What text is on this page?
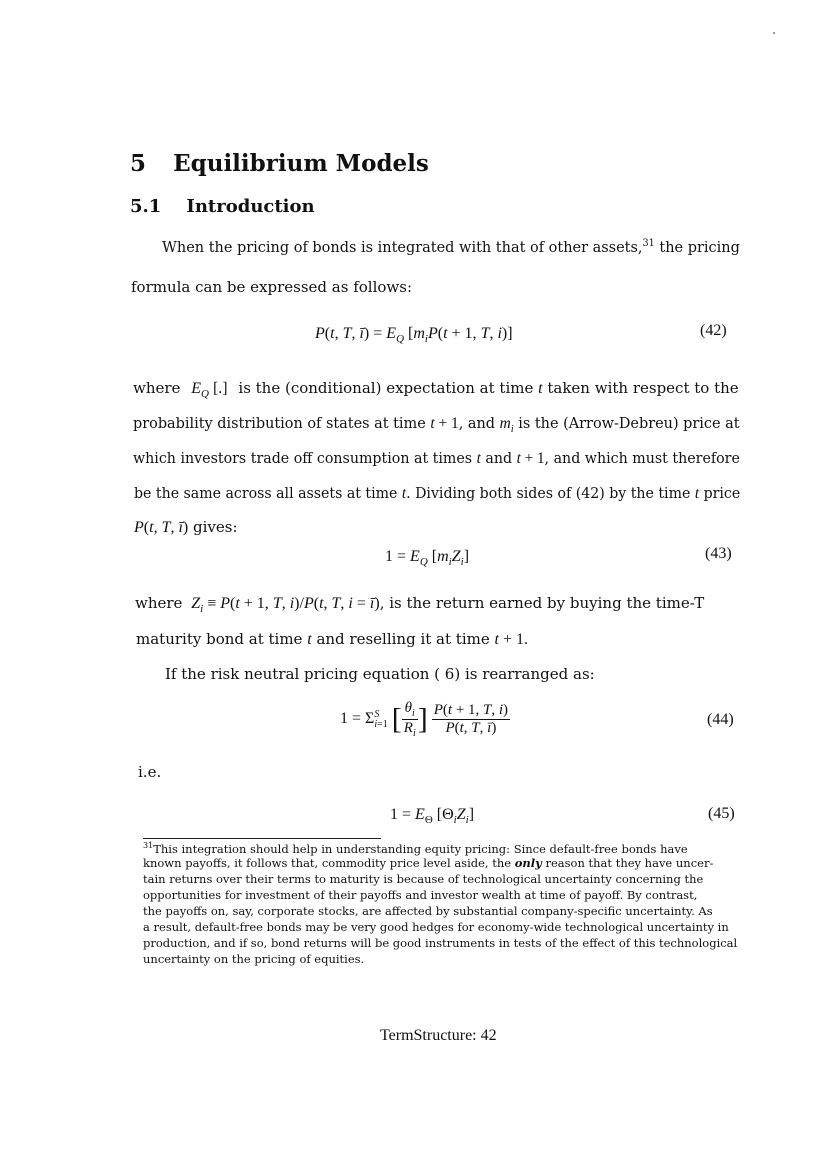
5 Equilibrium Models
5.1 Introduction
When the pricing of bonds is integrated with that of other assets,$^{31}$ the pricing
formula can be expressed as follows:
P(t, T, ī) = $E_Q$ [$m_iP(t + 1$, T, i)]	(42)
where $E_Q$ [.] is the (conditional) expectation at time t taken with respect to the
probability distribution of states at time t + 1, and $m_i$ is the (Arrow-Debreu) price at
which investors trade off consumption at times t and t + 1, and which must therefore
be the same across all assets at time t. Dividing both sides of (42) by the time t price
P(t, T, ī) gives:
$1 = E_Q$ $[m_iZ_i]$	(43)
where $Z_i \equiv P(t + 1$, T, i)/P(t, T, i = ī), is the return earned by buying the time-T
maturity bond at time t and reselling it at time t + 1.
If the risk neutral pricing equation ( 6) is rearranged as:
1 = ΣS
i=1 [ $\frac{\theta_i}{R_i}$ ] $\frac{P(t + 1, T, i)}{P(t, T, ī)}$	(44)
i.e.
$1 = E_\Theta$ $[\Theta_iZ_i]$	(45)
$^{31}$This integration should help in understanding equity pricing: Since default-free bonds have
known payoffs, it follows that, commodity price level aside, the only reason that they have uncer-
tain returns over their terms to maturity is because of technological uncertainty concerning the
opportunities for investment of their payoffs and investor wealth at time of payoff. By contrast,
the payoffs on, say, corporate stocks, are affected by substantial company-specific uncertainty. As
a result, default-free bonds may be very good hedges for economy-wide technological uncertainty in
production, and if so, bond returns will be good instruments in tests of the effect of this technological
uncertainty on the pricing of equities.
TermStructure: 42
